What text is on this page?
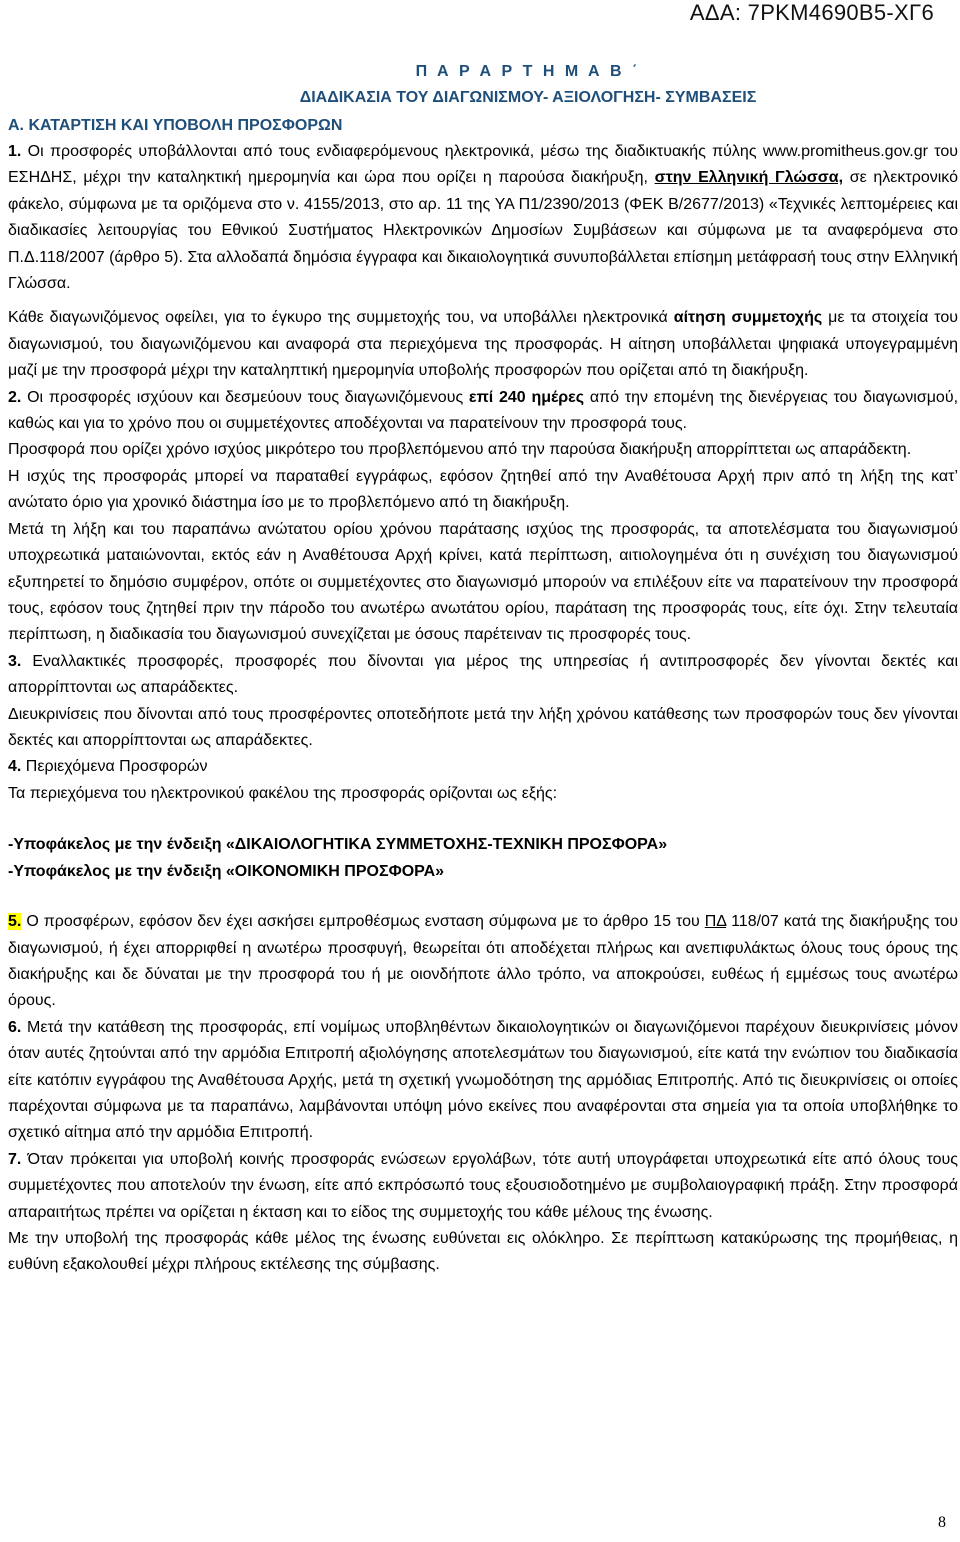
ΑΔΑ: 7ΡΚΜ4690Β5-ΧΓ6
Π Α Ρ Α Ρ Τ Η Μ Α Β ΄
ΔΙΑΔΙΚΑΣΙΑ ΤΟΥ ΔΙΑΓΩΝΙΣΜΟΥ- ΑΞΙΟΛΟΓΗΣΗ- ΣΥΜΒΑΣΕΙΣ
Α. ΚΑΤΑΡΤΙΣΗ ΚΑΙ ΥΠΟΒΟΛΗ ΠΡΟΣΦΟΡΩΝ

1. Οι προσφορές υποβάλλονται από τους ενδιαφερόμενους ηλεκτρονικά, μέσω της διαδικτυακής πύλης www.promitheus.gov.gr του ΕΣΗΔΗΣ, μέχρι την καταληκτική ημερομηνία και ώρα που ορίζει η παρούσα διακήρυξη, στην Ελληνική Γλώσσα, σε ηλεκτρονικό φάκελο, σύμφωνα με τα οριζόμενα στο ν. 4155/2013, στο αρ. 11 της ΥΑ Π1/2390/2013 (ΦΕΚ Β/2677/2013) «Τεχνικές λεπτομέρειες και διαδικασίες λειτουργίας του Εθνικού Συστήματος Ηλεκτρονικών Δημοσίων Συμβάσεων και σύμφωνα με τα αναφερόμενα στο Π.Δ.118/2007 (άρθρο 5). Στα αλλοδαπά δημόσια έγγραφα και δικαιολογητικά συνυποβάλλεται επίσημη μετάφρασή τους στην Ελληνική Γλώσσα.

Κάθε διαγωνιζόμενος οφείλει, για το έγκυρο της συμμετοχής του, να υποβάλλει ηλεκτρονικά αίτηση συμμετοχής με τα στοιχεία του διαγωνισμού, του διαγωνιζόμενου και αναφορά στα περιεχόμενα της προσφοράς. Η αίτηση υποβάλλεται ψηφιακά υπογεγραμμένη μαζί με την προσφορά μέχρι την καταληπτική ημερομηνία υποβολής προσφορών που ορίζεται από τη διακήρυξη.

2. Οι προσφορές ισχύουν και δεσμεύουν τους διαγωνιζόμενους επί 240 ημέρες από την επομένη της διενέργειας του διαγωνισμού, καθώς και για το χρόνο που οι συμμετέχοντες αποδέχονται να παρατείνουν την προσφορά τους.

Προσφορά που ορίζει χρόνο ισχύος μικρότερο του προβλεπόμενου από την παρούσα διακήρυξη απορρίπτεται ως απαράδεκτη.

Η ισχύς της προσφοράς μπορεί να παραταθεί εγγράφως, εφόσον ζητηθεί από την Αναθέτουσα Αρχή πριν από τη λήξη της κατ’ ανώτατο όριο για χρονικό διάστημα ίσο με το προβλεπόμενο από τη διακήρυξη.

Μετά τη λήξη και του παραπάνω ανώτατου ορίου χρόνου παράτασης ισχύος της προσφοράς, τα αποτελέσματα του διαγωνισμού υποχρεωτικά ματαιώνονται, εκτός εάν η Αναθέτουσα Αρχή κρίνει, κατά περίπτωση, αιτιολογημένα ότι η συνέχιση του διαγωνισμού εξυπηρετεί το δημόσιο συμφέρον, οπότε οι συμμετέχοντες στο διαγωνισμό μπορούν να επιλέξουν είτε να παρατείνουν την προσφορά τους, εφόσον τους ζητηθεί πριν την πάροδο του ανωτέρω ανωτάτου ορίου, παράταση της προσφοράς τους, είτε όχι. Στην τελευταία περίπτωση, η διαδικασία του διαγωνισμού συνεχίζεται με όσους παρέτειναν τις προσφορές τους.

3. Εναλλακτικές προσφορές, προσφορές που δίνονται για μέρος της υπηρεσίας ή αντιπροσφορές δεν γίνονται δεκτές και απορρίπτονται ως απαράδεκτες.

Διευκρινίσεις που δίνονται από τους προσφέροντες οποτεδήποτε μετά την λήξη χρόνου κατάθεσης των προσφορών τους δεν γίνονται δεκτές και απορρίπτονται ως απαράδεκτες.

4. Περιεχόμενα Προσφορών

Τα περιεχόμενα του ηλεκτρονικού φακέλου της προσφοράς ορίζονται ως εξής:

-Υποφάκελος με την ένδειξη «ΔΙΚΑΙΟΛΟΓΗΤΙΚΑ ΣΥΜΜΕΤΟΧΗΣ-ΤΕΧΝΙΚΗ ΠΡΟΣΦΟΡΑ»
-Υποφάκελος με την ένδειξη «ΟΙΚΟΝΟΜΙΚΗ ΠΡΟΣΦΟΡΑ»

5. Ο προσφέρων, εφόσον δεν έχει ασκήσει εμπροθέσμως ενσταση σύμφωνα με το άρθρο 15 του ΠΔ 118/07 κατά της διακήρυξης του διαγωνισμού, ή έχει απορριφθεί η ανωτέρω προσφυγή, θεωρείται ότι αποδέχεται πλήρως και ανεπιφυλάκτως όλους τους όρους της διακήρυξης και δε δύναται με την προσφορά του ή με οιονδήποτε άλλο τρόπο, να αποκρούσει, ευθέως ή εμμέσως τους ανωτέρω όρους.

6. Μετά την κατάθεση της προσφοράς, επί νομίμως υποβληθέντων δικαιολογητικών οι διαγωνιζόμενοι παρέχουν διευκρινίσεις μόνον όταν αυτές ζητούνται από την αρμόδια Επιτροπή αξιολόγησης αποτελεσμάτων του διαγωνισμού, είτε κατά την ενώπιον του διαδικασία είτε κατόπιν εγγράφου της Αναθέτουσα Αρχής, μετά τη σχετική γνωμοδότηση της αρμόδιας Επιτροπής. Από τις διευκρινίσεις οι οποίες παρέχονται σύμφωνα με τα παραπάνω, λαμβάνονται υπόψη μόνο εκείνες που αναφέρονται στα σημεία για τα οποία υποβλήθηκε το σχετικό αίτημα από την αρμόδια Επιτροπή.

7. Όταν πρόκειται για υποβολή κοινής προσφοράς ενώσεων εργολάβων, τότε αυτή υπογράφεται υποχρεωτικά είτε από όλους τους συμμετέχοντες που αποτελούν την ένωση, είτε από εκπρόσωπό τους εξουσιοδοτημένο με συμβολαιογραφική πράξη. Στην προσφορά απαραιτήτως πρέπει να ορίζεται η έκταση και το είδος της συμμετοχής του κάθε μέλους της ένωσης.

Με την υποβολή της προσφοράς κάθε μέλος της ένωσης ευθύνεται εις ολόκληρο. Σε περίπτωση κατακύρωσης της προμήθειας, η ευθύνη εξακολουθεί μέχρι πλήρους εκτέλεσης της σύμβασης.

8
